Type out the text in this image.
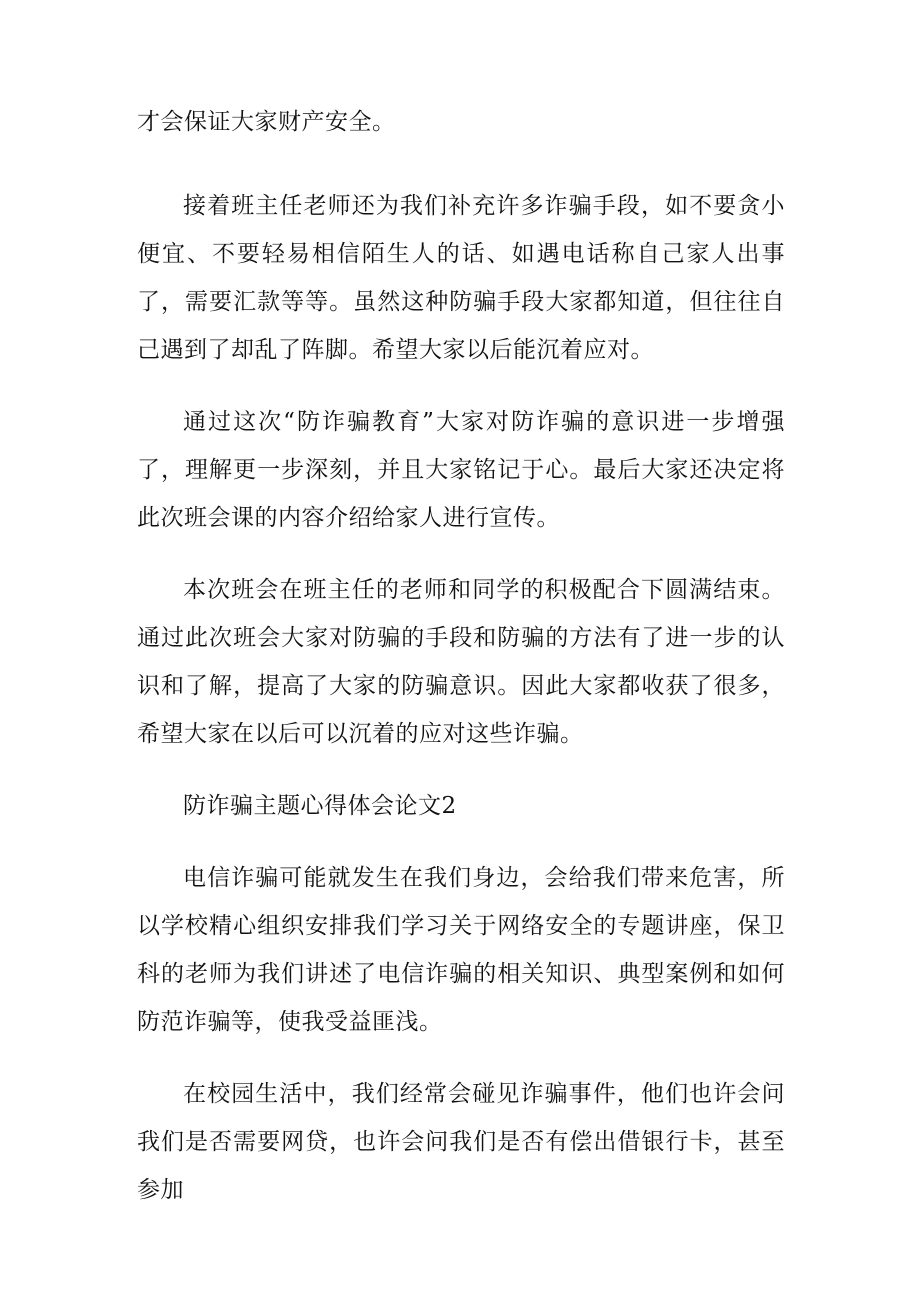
才会保证大家财产安全。

接着班主任老师还为我们补充许多诈骗手段，如不要贪小便宜、不要轻易相信陌生人的话、如遇电话称自己家人出事了，需要汇款等等。虽然这种防骗手段大家都知道，但往往自己遇到了却乱了阵脚。希望大家以后能沉着应对。

通过这次“防诈骗教育”大家对防诈骗的意识进一步增强了，理解更一步深刻，并且大家铭记于心。最后大家还决定将此次班会课的内容介绍给家人进行宣传。

本次班会在班主任的老师和同学的积极配合下圆满结束。通过此次班会大家对防骗的手段和防骗的方法有了进一步的认识和了解，提高了大家的防骗意识。因此大家都收获了很多，希望大家在以后可以沉着的应对这些诈骗。

防诈骗主题心得体会论文2

电信诈骗可能就发生在我们身边，会给我们带来危害，所以学校精心组织安排我们学习关于网络安全的专题讲座，保卫科的老师为我们讲述了电信诈骗的相关知识、典型案例和如何防范诈骗等，使我受益匪浅。

在校园生活中，我们经常会碰见诈骗事件，他们也许会问我们是否需要网贷，也许会问我们是否有偿出借银行卡，甚至参加
